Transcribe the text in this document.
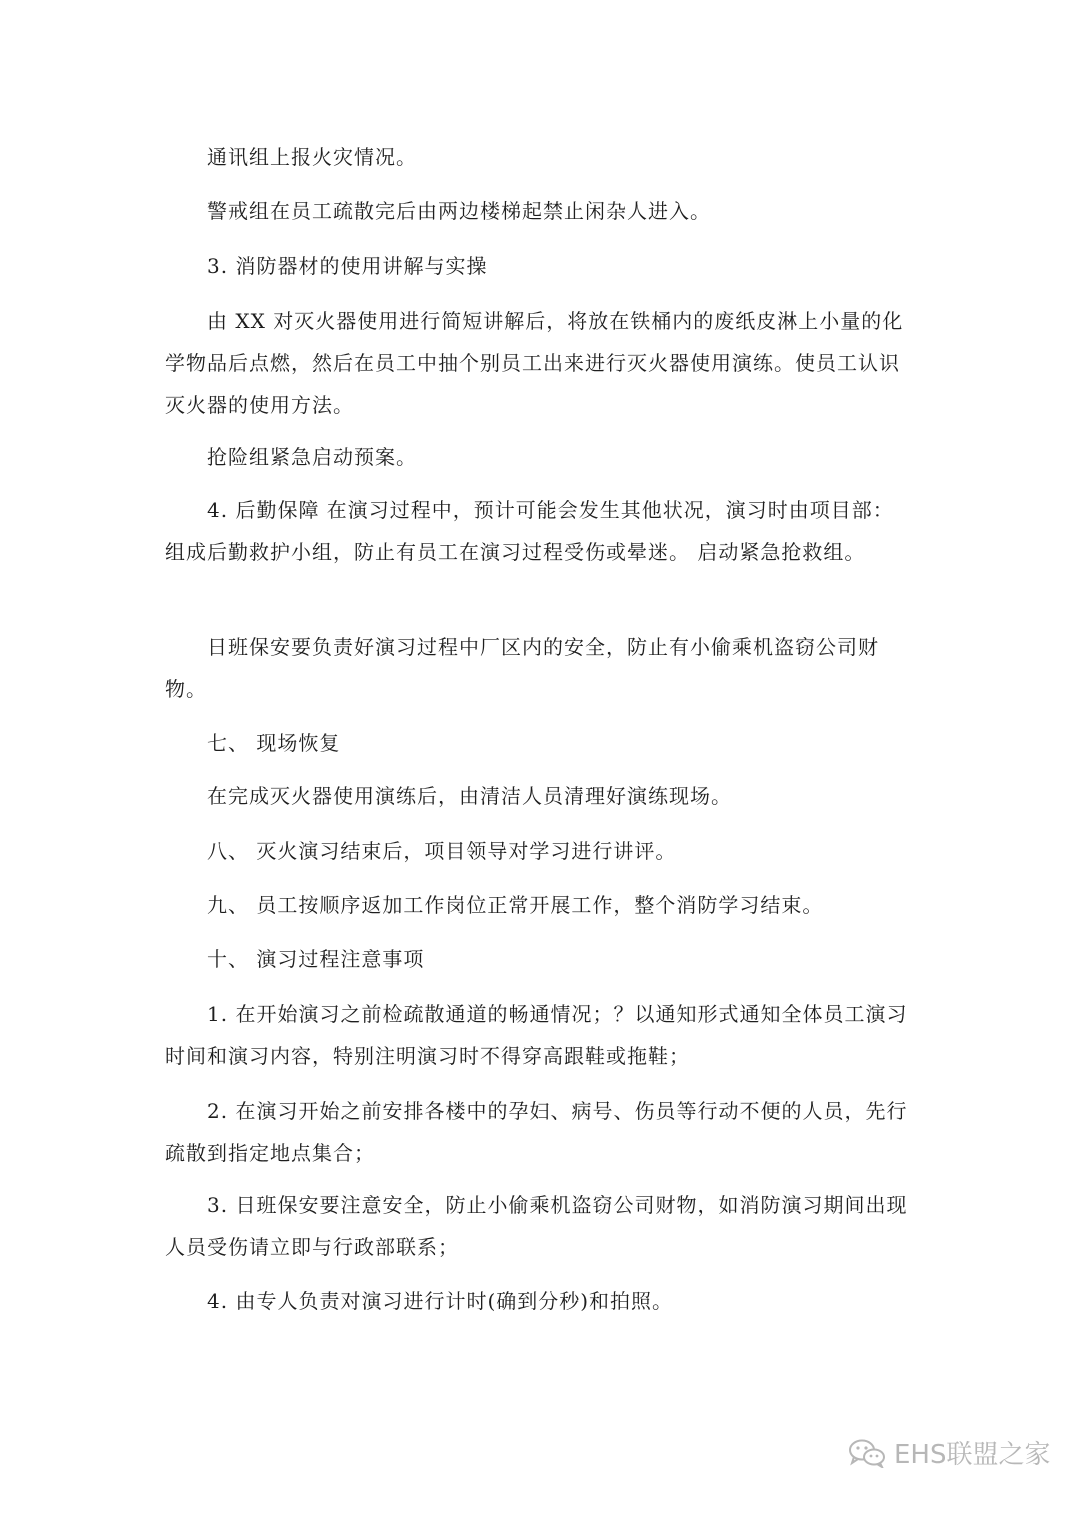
通讯组上报火灾情况。

警戒组在员工疏散完后由两边楼梯起禁止闲杂人进入。

3. 消防器材的使用讲解与实操

由 XX 对灭火器使用进行简短讲解后，将放在铁桶内的废纸皮淋上小量的化学物品后点燃，然后在员工中抽个别员工出来进行灭火器使用演练。使员工认识灭火器的使用方法。

抢险组紧急启动预案。

4. 后勤保障 在演习过程中，预计可能会发生其他状况，演习时由项目部： 组成后勤救护小组，防止有员工在演习过程受伤或晕迷。 启动紧急抢救组。

日班保安要负责好演习过程中厂区内的安全，防止有小偷乘机盗窃公司财物。

七、 现场恢复

在完成灭火器使用演练后，由清洁人员清理好演练现场。

八、 灭火演习结束后，项目领导对学习进行讲评。

九、 员工按顺序返加工作岗位正常开展工作，整个消防学习结束。

十、 演习过程注意事项

1. 在开始演习之前检疏散通道的畅通情况；？以通知形式通知全体员工演习时间和演习内容，特别注明演习时不得穿高跟鞋或拖鞋；

2. 在演习开始之前安排各楼中的孕妇、病号、伤员等行动不便的人员，先行疏散到指定地点集合；

3. 日班保安要注意安全，防止小偷乘机盗窃公司财物，如消防演习期间出现人员受伤请立即与行政部联系；

4. 由专人负责对演习进行计时(确到分秒)和拍照。

EHS联盟之家
